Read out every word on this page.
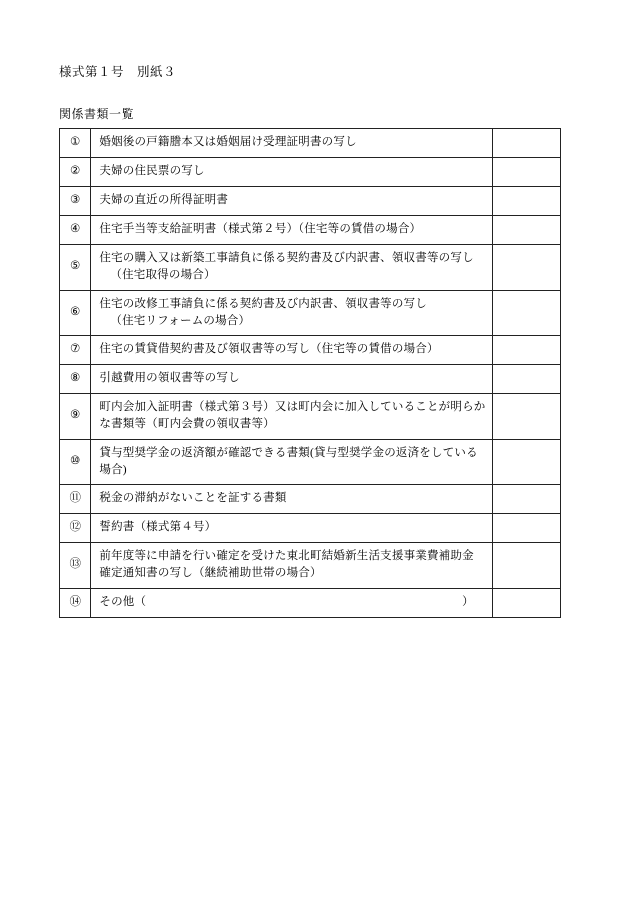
様式第１号　別紙３
関係書類一覧
①	婚姻後の戸籍謄本又は婚姻届け受理証明書の写し	

②	夫婦の住民票の写し	

③	夫婦の直近の所得証明書	

④	住宅手当等支給証明書（様式第２号）（住宅等の賃借の場合）	

⑤	住宅の購入又は新築工事請負に係る契約書及び内訳書、領収書等の写し
（住宅取得の場合）	

⑥	住宅の改修工事請負に係る契約書及び内訳書、領収書等の写し
（住宅リフォームの場合）	

⑦	住宅の賃貸借契約書及び領収書等の写し（住宅等の賃借の場合）	

⑧	引越費用の領収書等の写し	

⑨	町内会加入証明書（様式第３号）又は町内会に加入していることが明らか
な書類等（町内会費の領収書等）	

⑩	貸与型奨学金の返済額が確認できる書類(貸与型奨学金の返済をしている
場合)	

⑪	税金の滞納がないことを証する書類	

⑫	誓約書（様式第４号）	

⑬	前年度等に申請を行い確定を受けた東北町結婚新生活支援事業費補助金
確定通知書の写し（継続補助世帯の場合）	

⑭	その他（　　　　　　　　　　　　　　　　　　　　　　　　　　　）	
